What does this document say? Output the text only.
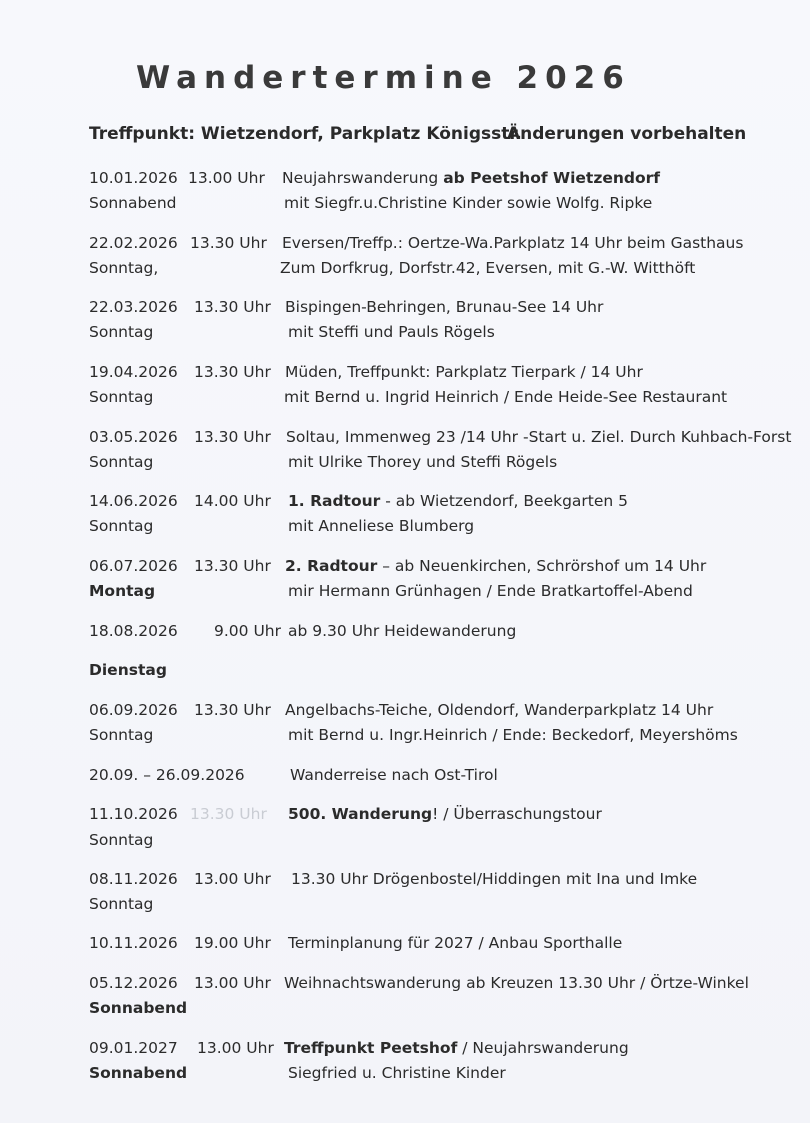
Wandertermine 2026
Treffpunkt: Wietzendorf, Parkplatz Königsstr.
Änderungen vorbehalten
10.01.2026 13.00 Uhr Neujahrswanderung ab Peetshof Wietzendorf
Sonnabend	mit Siegfr.u.Christine Kinder sowie Wolfg. Ripke
22.02.2026 13.30 Uhr Eversen/Treffp.: Oertze-Wa.Parkplatz 14 Uhr beim Gasthaus
Sonntag,	Zum Dorfkrug, Dorfstr.42, Eversen, mit G.-W. Witthöft
22.03.2026 13.30 Uhr Bispingen-Behringen, Brunau-See 14 Uhr
Sonntag	mit Steffi und Pauls Rögels
19.04.2026 13.30 Uhr Müden, Treffpunkt: Parkplatz Tierpark / 14 Uhr
Sonntag	mit Bernd u. Ingrid Heinrich / Ende Heide-See Restaurant
03.05.2026 13.30 Uhr Soltau, Immenweg 23 /14 Uhr -Start u. Ziel. Durch Kuhbach-Forst
Sonntag	mit Ulrike Thorey und Steffi Rögels
14.06.2026 14.00 Uhr 1. Radtour - ab Wietzendorf, Beekgarten 5
Sonntag	mit Anneliese Blumberg
06.07.2026 13.30 Uhr 2. Radtour – ab Neuenkirchen, Schrörshof um 14 Uhr
Montag	mir Hermann Grünhagen / Ende Bratkartoffel-Abend
18.08.2026 9.00 Uhr ab 9.30 Uhr Heidewanderung
Dienstag
06.09.2026 13.30 Uhr Angelbachs-Teiche, Oldendorf, Wanderparkplatz 14 Uhr
Sonntag	mit Bernd u. Ingr.Heinrich / Ende: Beckedorf, Meyershöms
20.09. – 26.09.2026	Wanderreise nach Ost-Tirol
11.10.2026 13.30 Uhr 500. Wanderung! / Überraschungstour
Sonntag
08.11.2026 13.00 Uhr 13.30 Uhr Drögenbostel/Hiddingen mit Ina und Imke
Sonntag
10.11.2026 19.00 Uhr Terminplanung für 2027 / Anbau Sporthalle
05.12.2026 13.00 Uhr Weihnachtswanderung ab Kreuzen 13.30 Uhr / Örtze-Winkel
Sonnabend
09.01.2027 13.00 Uhr Treffpunkt Peetshof / Neujahrswanderung
Sonnabend	Siegfried u. Christine Kinder
